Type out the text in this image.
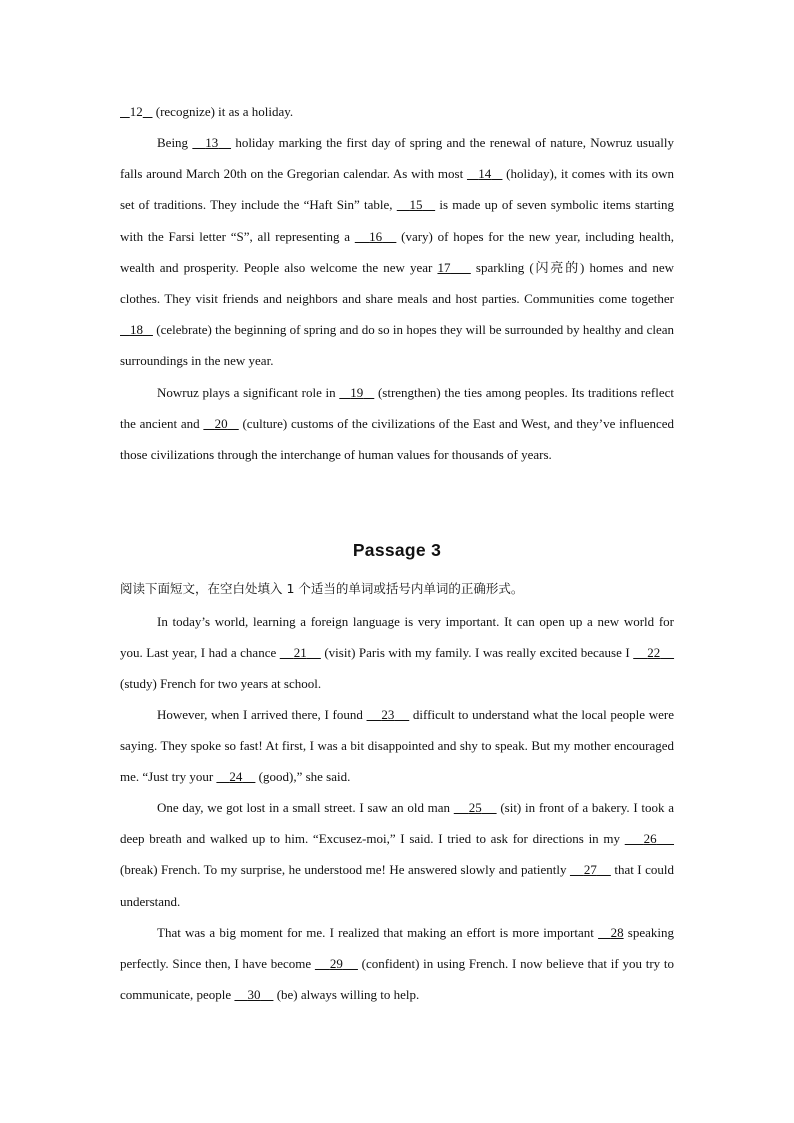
12    (recognize) it as a holiday.

Being    13    holiday marking the first day of spring and the renewal of nature, Nowruz usually falls around March 20th on the Gregorian calendar. As with most    14    (holiday), it comes with its own set of traditions. They include the “Haft Sin” table,    15    is made up of seven symbolic items starting with the Farsi letter “S”, all representing a    16    (vary) of hopes for the new year, including health, wealth and prosperity. People also welcome the new year 17     sparkling (闪亮的) homes and new clothes. They visit friends and neighbors and share meals and host parties. Communities come together    18    (celebrate) the beginning of spring and do so in hopes they will be surrounded by healthy and clean surroundings in the new year.

Nowruz plays a significant role in    19    (strengthen) the ties among peoples. Its traditions reflect the ancient and    20    (culture) customs of the civilizations of the East and West, and they’ve influenced those civilizations through the interchange of human values for thousands of years.

Passage 3

阅读下面短文，在空白处填入 1 个适当的单词或括号内单词的正确形式。

In today’s world, learning a foreign language is very important. It can open up a new world for you. Last year, I had a chance     21     (visit) Paris with my family. I was really excited because I     22     (study) French for two years at school.

However, when I arrived there, I found     23     difficult to understand what the local people were saying. They spoke so fast! At first, I was a bit disappointed and shy to speak. But my mother encouraged me. “Just try your     24     (good),” she said.

One day, we got lost in a small street. I saw an old man     25     (sit) in front of a bakery. I took a deep breath and walked up to him. “Excusez-moi,” I said. I tried to ask for directions in my     26     (break) French. To my surprise, he understood me! He answered slowly and patiently     27     that I could understand.

That was a big moment for me. I realized that making an effort is more important    28 speaking perfectly. Since then, I have become     29     (confident) in using French. I now believe that if you try to communicate, people     30     (be) always willing to help.
